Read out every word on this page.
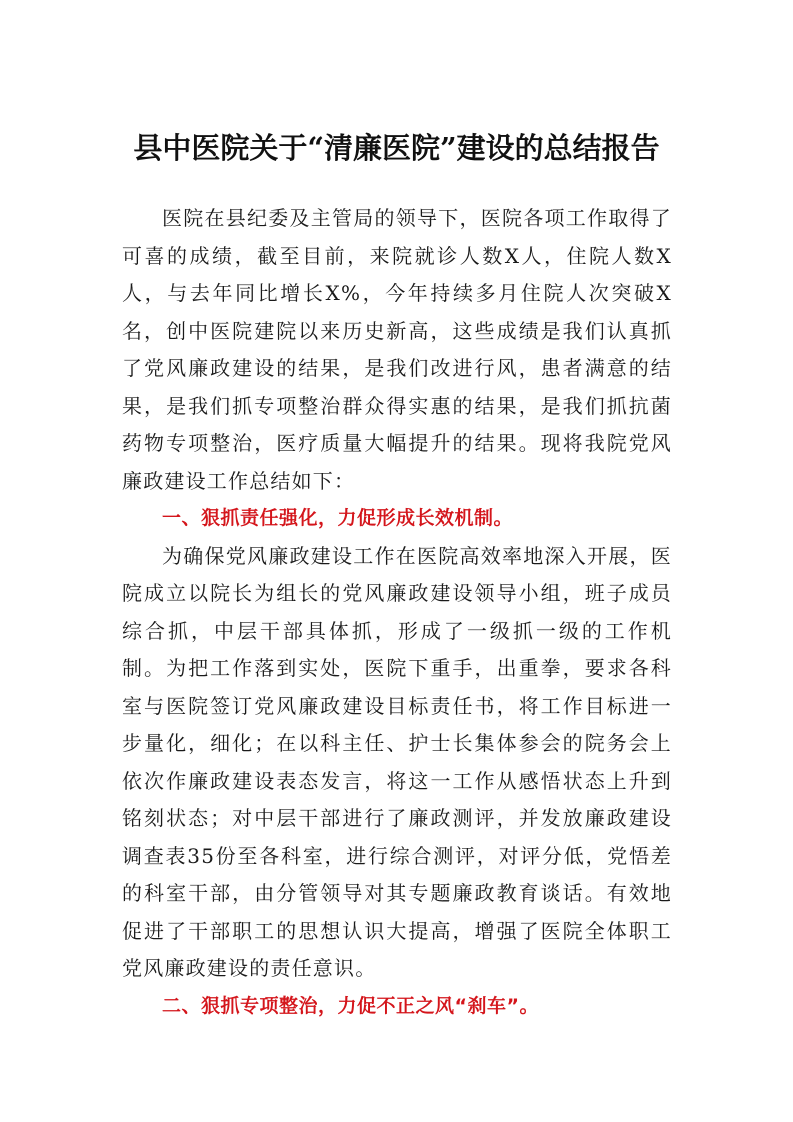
县中医院关于“清廉医院”建设的总结报告

医院在县纪委及主管局的领导下，医院各项工作取得了可喜的成绩，截至目前，来院就诊人数X人，住院人数X人，与去年同比增长X%，今年持续多月住院人次突破X名，创中医院建院以来历史新高，这些成绩是我们认真抓了党风廉政建设的结果，是我们改进行风，患者满意的结果，是我们抓专项整治群众得实惠的结果，是我们抓抗菌药物专项整治，医疗质量大幅提升的结果。现将我院党风廉政建设工作总结如下：

一、狠抓责任强化，力促形成长效机制。

为确保党风廉政建设工作在医院高效率地深入开展，医院成立以院长为组长的党风廉政建设领导小组，班子成员综合抓，中层干部具体抓，形成了一级抓一级的工作机制。为把工作落到实处，医院下重手，出重拳，要求各科室与医院签订党风廉政建设目标责任书，将工作目标进一步量化，细化；在以科主任、护士长集体参会的院务会上依次作廉政建设表态发言，将这一工作从感悟状态上升到铭刻状态；对中层干部进行了廉政测评，并发放廉政建设调查表35份至各科室，进行综合测评，对评分低，党悟差的科室干部，由分管领导对其专题廉政教育谈话。有效地促进了干部职工的思想认识大提高，增强了医院全体职工党风廉政建设的责任意识。

二、狠抓专项整治，力促不正之风“刹车”。
